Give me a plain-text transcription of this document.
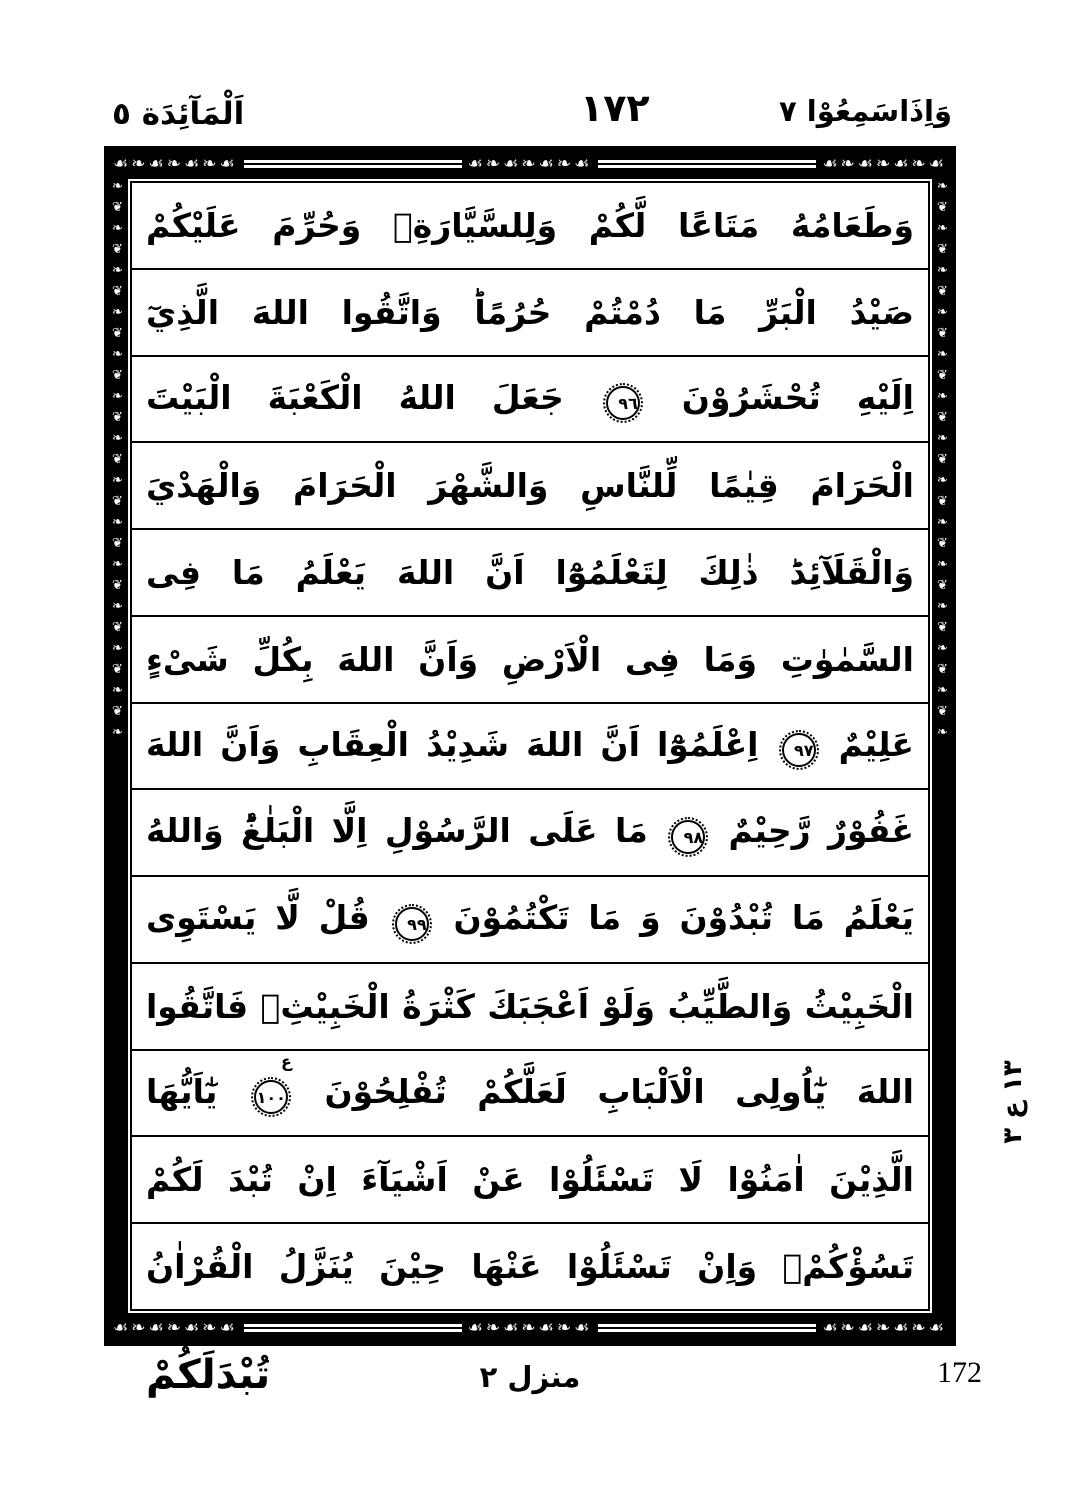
اَلْمَآئِدَة ٥	١٧٢	وَاِذَاسَمِعُوْا ٧
☙❧☙❧☙❧☙
☙❧☙❧☙❧☙
☙❧☙❧☙❧☙
❧❦❧❦❧❦❧❦❧❦❧❦❧❦❧❦❧❦❧❦❧❦❧❦❧❦❧
وَطَعَامُهُ مَتَاعًا لَّكُمْ وَلِلسَّيَّارَةِۚ وَحُرِّمَ عَلَيْكُمْ
صَيْدُ الْبَرِّ مَا دُمْتُمْ حُرُمًاؕ وَاتَّقُوا اللهَ الَّذِيٓ
اِلَيْهِ تُحْشَرُوْنَ ٩٦ جَعَلَ اللهُ الْكَعْبَةَ الْبَيْتَ
الْحَرَامَ قِيٰمًا لِّلنَّاسِ وَالشَّهْرَ الْحَرَامَ وَالْهَدْيَ
وَالْقَلَآئِدَؕ ذٰلِكَ لِتَعْلَمُوْٓا اَنَّ اللهَ يَعْلَمُ مَا فِى
السَّمٰوٰتِ وَمَا فِى الْاَرْضِ وَاَنَّ اللهَ بِكُلِّ شَىْءٍ
عَلِيْمٌ ٩٧ اِعْلَمُوْٓا اَنَّ اللهَ شَدِيْدُ الْعِقَابِ وَاَنَّ اللهَ
غَفُوْرٌ رَّحِيْمٌ ٩٨ مَا عَلَى الرَّسُوْلِ اِلَّا الْبَلٰغُؕ وَاللهُ
يَعْلَمُ مَا تُبْدُوْنَ وَ مَا تَكْتُمُوْنَ ٩٩ قُلْ لَّا يَسْتَوِى
الْخَبِيْثُ وَالطَّيِّبُ وَلَوْ اَعْجَبَكَ كَثْرَةُ الْخَبِيْثِۚ فَاتَّقُوا
اللهَ يٰٓاُولِى الْاَلْبَابِ لَعَلَّكُمْ تُفْلِحُوْنَ ١٠٠
ع
يٰٓاَيُّهَا
الَّذِيْنَ اٰمَنُوْا لَا تَسْئَلُوْا عَنْ اَشْيَآءَ اِنْ تُبْدَ لَكُمْ
تَسُؤْكُمْۚ وَاِنْ تَسْئَلُوْا عَنْهَا حِيْنَ يُنَزَّلُ الْقُرْاٰنُ
❧❦❧❦❧❦❧❦❧❦❧❦❧❦❧❦❧❦❧❦❧❦❧❦❧❦❧
☙❧☙❧☙❧☙
☙❧☙❧☙❧☙
☙❧☙❧☙❧☙
١٣ ع ٣
تُبْدَلَكُمْ	منزل ٢	172
